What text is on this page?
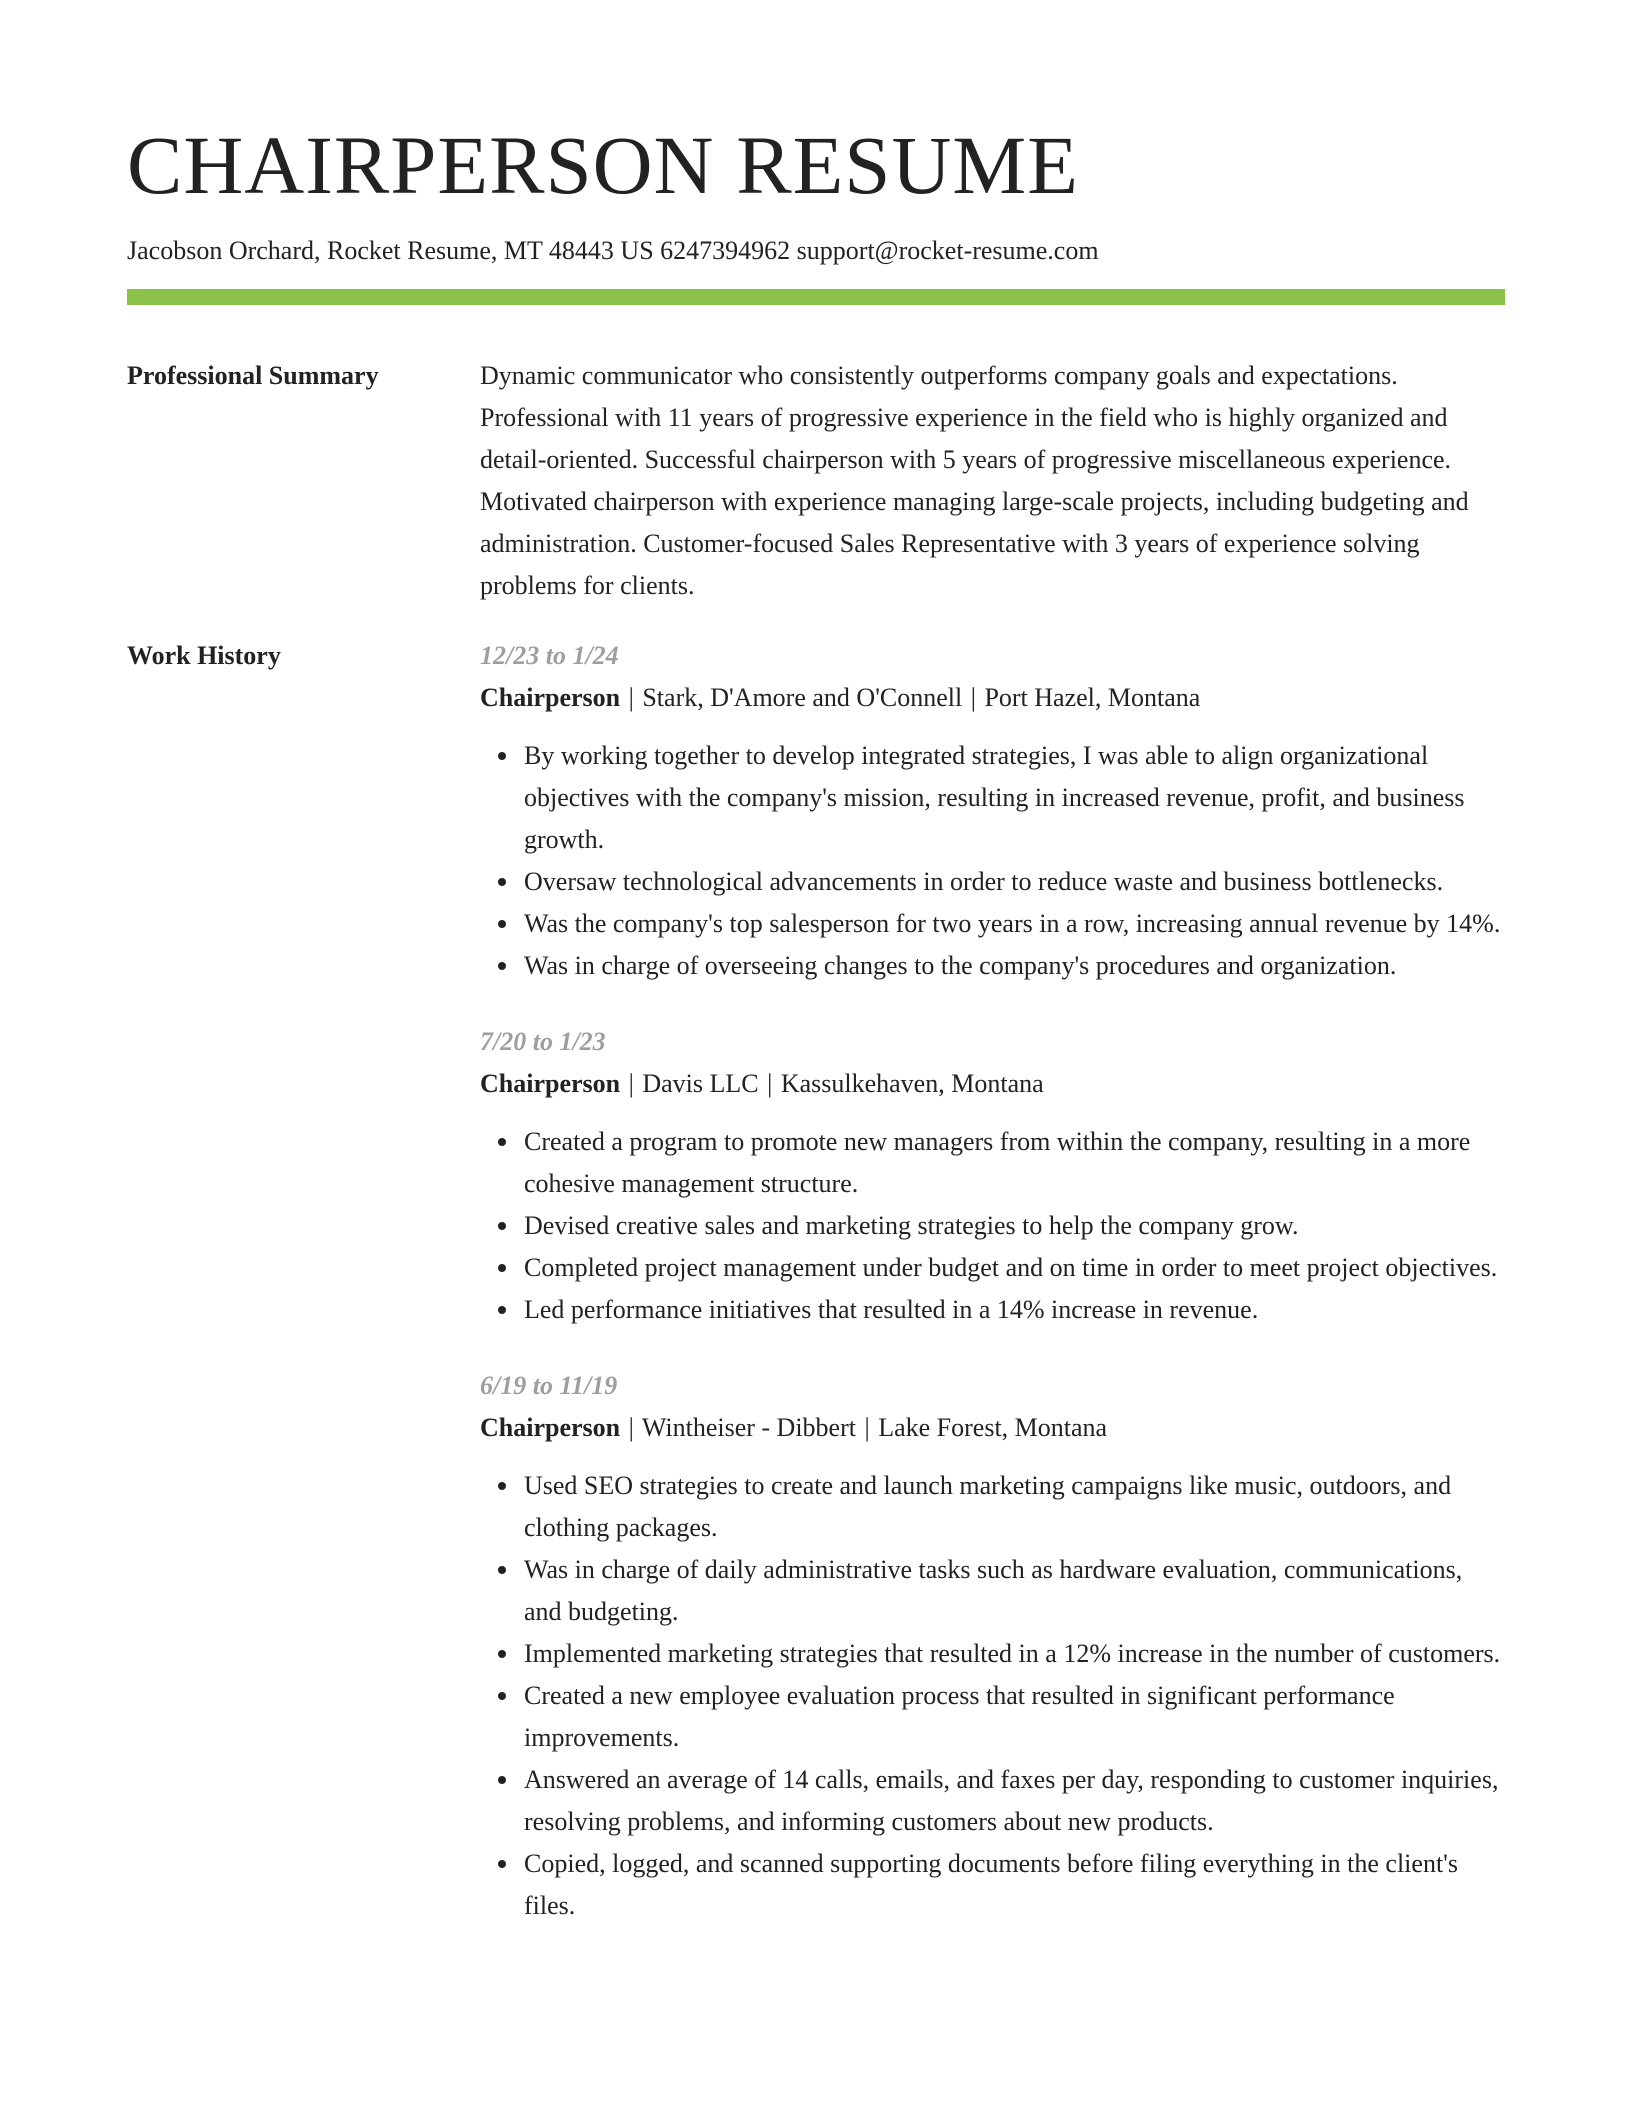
CHAIRPERSON RESUME
Jacobson Orchard, Rocket Resume, MT 48443 US 6247394962 support@rocket-resume.com
Professional Summary	Dynamic communicator who consistently outperforms company goals and expectations. Professional with 11 years of progressive experience in the field who is highly organized and detail-oriented. Successful chairperson with 5 years of progressive miscellaneous experience. Motivated chairperson with experience managing large-scale projects, including budgeting and administration. Customer-focused Sales Representative with 3 years of experience solving problems for clients.

Work History	12/23 to 1/24
Chairperson | Stark, D'Amore and O'Connell | Port Hazel, Montana
By working together to develop integrated strategies, I was able to align organizational objectives with the company's mission, resulting in increased revenue, profit, and business growth.
Oversaw technological advancements in order to reduce waste and business bottlenecks.
Was the company's top salesperson for two years in a row, increasing annual revenue by 14%.
Was in charge of overseeing changes to the company's procedures and organization.
7/20 to 1/23
Chairperson | Davis LLC | Kassulkehaven, Montana
Created a program to promote new managers from within the company, resulting in a more cohesive management structure.
Devised creative sales and marketing strategies to help the company grow.
Completed project management under budget and on time in order to meet project objectives.
Led performance initiatives that resulted in a 14% increase in revenue.
6/19 to 11/19
Chairperson | Wintheiser - Dibbert | Lake Forest, Montana
Used SEO strategies to create and launch marketing campaigns like music, outdoors, and clothing packages.
Was in charge of daily administrative tasks such as hardware evaluation, communications, and budgeting.
Implemented marketing strategies that resulted in a 12% increase in the number of customers.
Created a new employee evaluation process that resulted in significant performance improvements.
Answered an average of 14 calls, emails, and faxes per day, responding to customer inquiries, resolving problems, and informing customers about new products.
Copied, logged, and scanned supporting documents before filing everything in the client's files.
